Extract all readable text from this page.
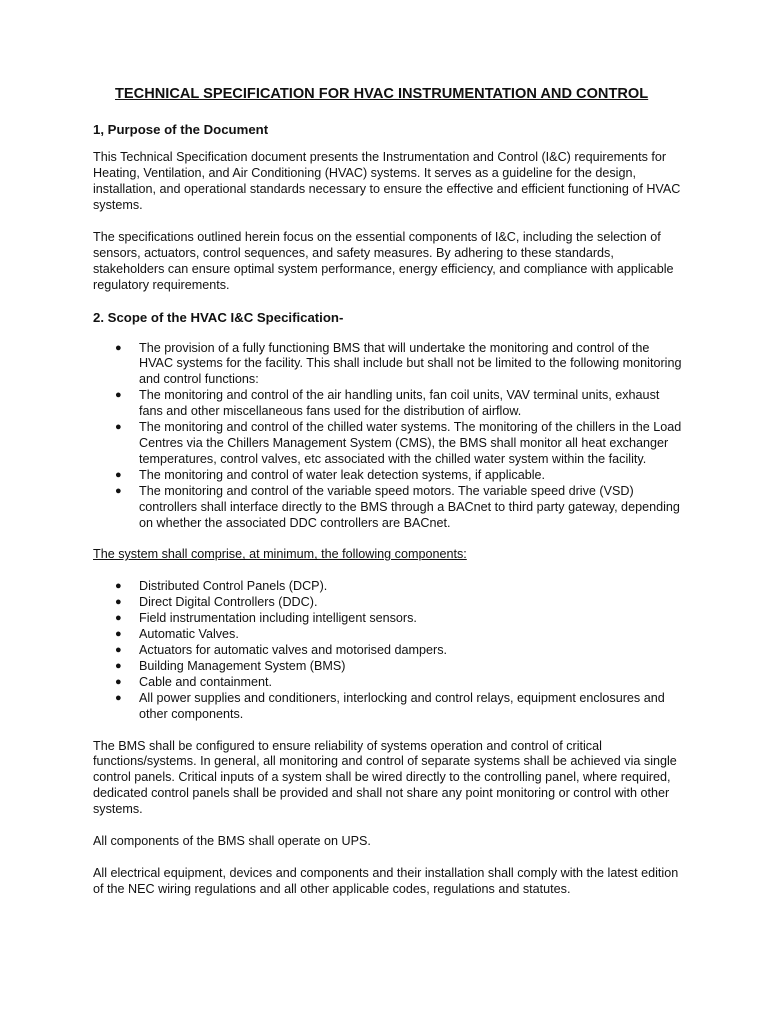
TECHNICAL SPECIFICATION FOR HVAC INSTRUMENTATION AND CONTROL
1, Purpose of the Document

This Technical Specification document presents the Instrumentation and Control (I&C) requirements for Heating, Ventilation, and Air Conditioning (HVAC) systems. It serves as a guideline for the design, installation, and operational standards necessary to ensure the effective and efficient functioning of HVAC systems.

The specifications outlined herein focus on the essential components of I&C, including the selection of sensors, actuators, control sequences, and safety measures. By adhering to these standards, stakeholders can ensure optimal system performance, energy efficiency, and compliance with applicable regulatory requirements.

2. Scope of the HVAC I&C Specification-
● The provision of a fully functioning BMS that will undertake the monitoring and control of the HVAC systems for the facility. This shall include but shall not be limited to the following monitoring and control functions:
● The monitoring and control of the air handling units, fan coil units, VAV terminal units, exhaust fans and other miscellaneous fans used for the distribution of airflow.
● The monitoring and control of the chilled water systems. The monitoring of the chillers in the Load Centres via the Chillers Management System (CMS), the BMS shall monitor all heat exchanger temperatures, control valves, etc associated with the chilled water system within the facility.
● The monitoring and control of water leak detection systems, if applicable.
● The monitoring and control of the variable speed motors. The variable speed drive (VSD) controllers shall interface directly to the BMS through a BACnet to third party gateway, depending on whether the associated DDC controllers are BACnet.

The system shall comprise, at minimum, the following components:

● Distributed Control Panels (DCP).
● Direct Digital Controllers (DDC).
● Field instrumentation including intelligent sensors.
● Automatic Valves.
● Actuators for automatic valves and motorised dampers.
● Building Management System (BMS)
● Cable and containment.
● All power supplies and conditioners, interlocking and control relays, equipment enclosures and other components.

The BMS shall be configured to ensure reliability of systems operation and control of critical functions/systems. In general, all monitoring and control of separate systems shall be achieved via single control panels. Critical inputs of a system shall be wired directly to the controlling panel, where required, dedicated control panels shall be provided and shall not share any point monitoring or control with other systems.

All components of the BMS shall operate on UPS.

All electrical equipment, devices and components and their installation shall comply with the latest edition of the NEC wiring regulations and all other applicable codes, regulations and statutes.
